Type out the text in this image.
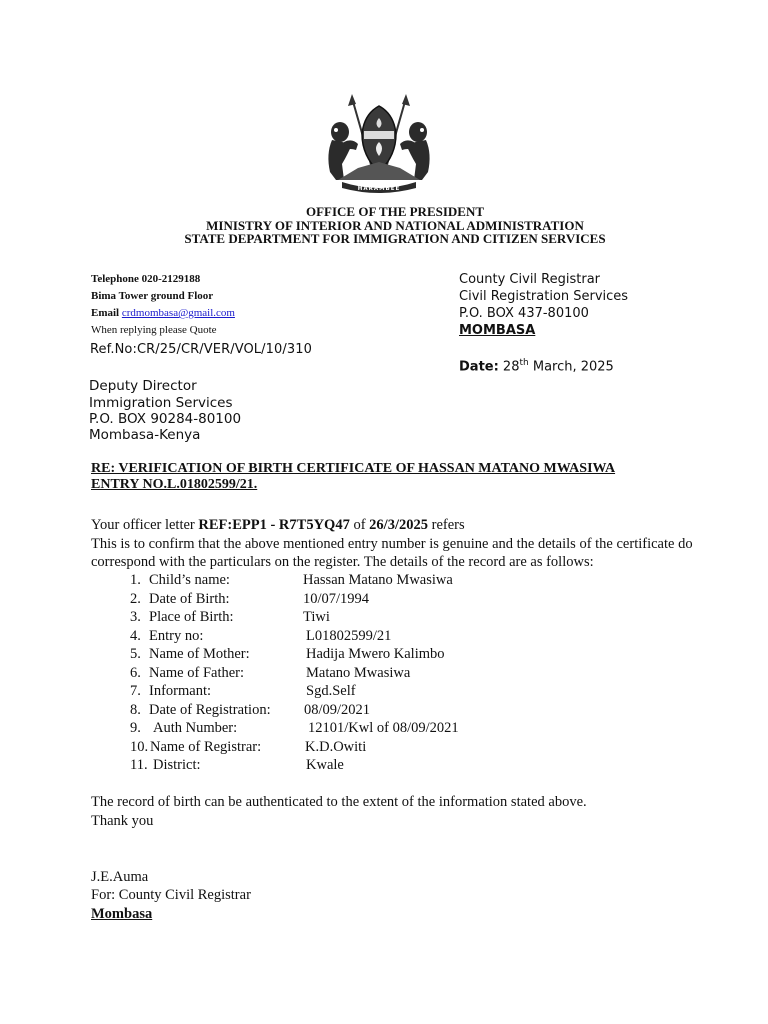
HARAMBEE
OFFICE OF THE PRESIDENT
MINISTRY OF INTERIOR AND NATIONAL ADMINISTRATION
STATE DEPARTMENT FOR IMMIGRATION AND CITIZEN SERVICES
Telephone 020-2129188
Bima Tower ground Floor
Email crdmombasa@gmail.com
When replying please Quote
Ref.No:CR/25/CR/VER/VOL/10/310
County Civil Registrar
Civil Registration Services
P.O. BOX 437-80100
MOMBASA
Date: 28th March, 2025
Deputy Director
Immigration Services
P.O. BOX 90284-80100
Mombasa-Kenya
RE: VERIFICATION OF BIRTH CERTIFICATE OF HASSAN MATANO MWASIWA
ENTRY NO.L.01802599/21.
Your officer letter REF:EPP1 - R7T5YQ47 of 26/3/2025 refers
This is to confirm that the above mentioned entry number is genuine and the details of the certificate do
correspond with the particulars on the register. The details of the record are as follows:
1. Child’s name:	Hassan Matano Mwasiwa
2. Date of Birth:	10/07/1994
3. Place of Birth:	Tiwi
4. Entry no:	L01802599/21
5. Name of Mother:	Hadija Mwero Kalimbo
6. Name of Father:	Matano Mwasiwa
7. Informant:	Sgd.Self
8. Date of Registration: 08/09/2021
9. Auth Number:	12101/Kwl of 08/09/2021
10. Name of Registrar:	K.D.Owiti
11. District:	Kwale
The record of birth can be authenticated to the extent of the information stated above.
Thank you
J.E.Auma
For: County Civil Registrar
Mombasa
